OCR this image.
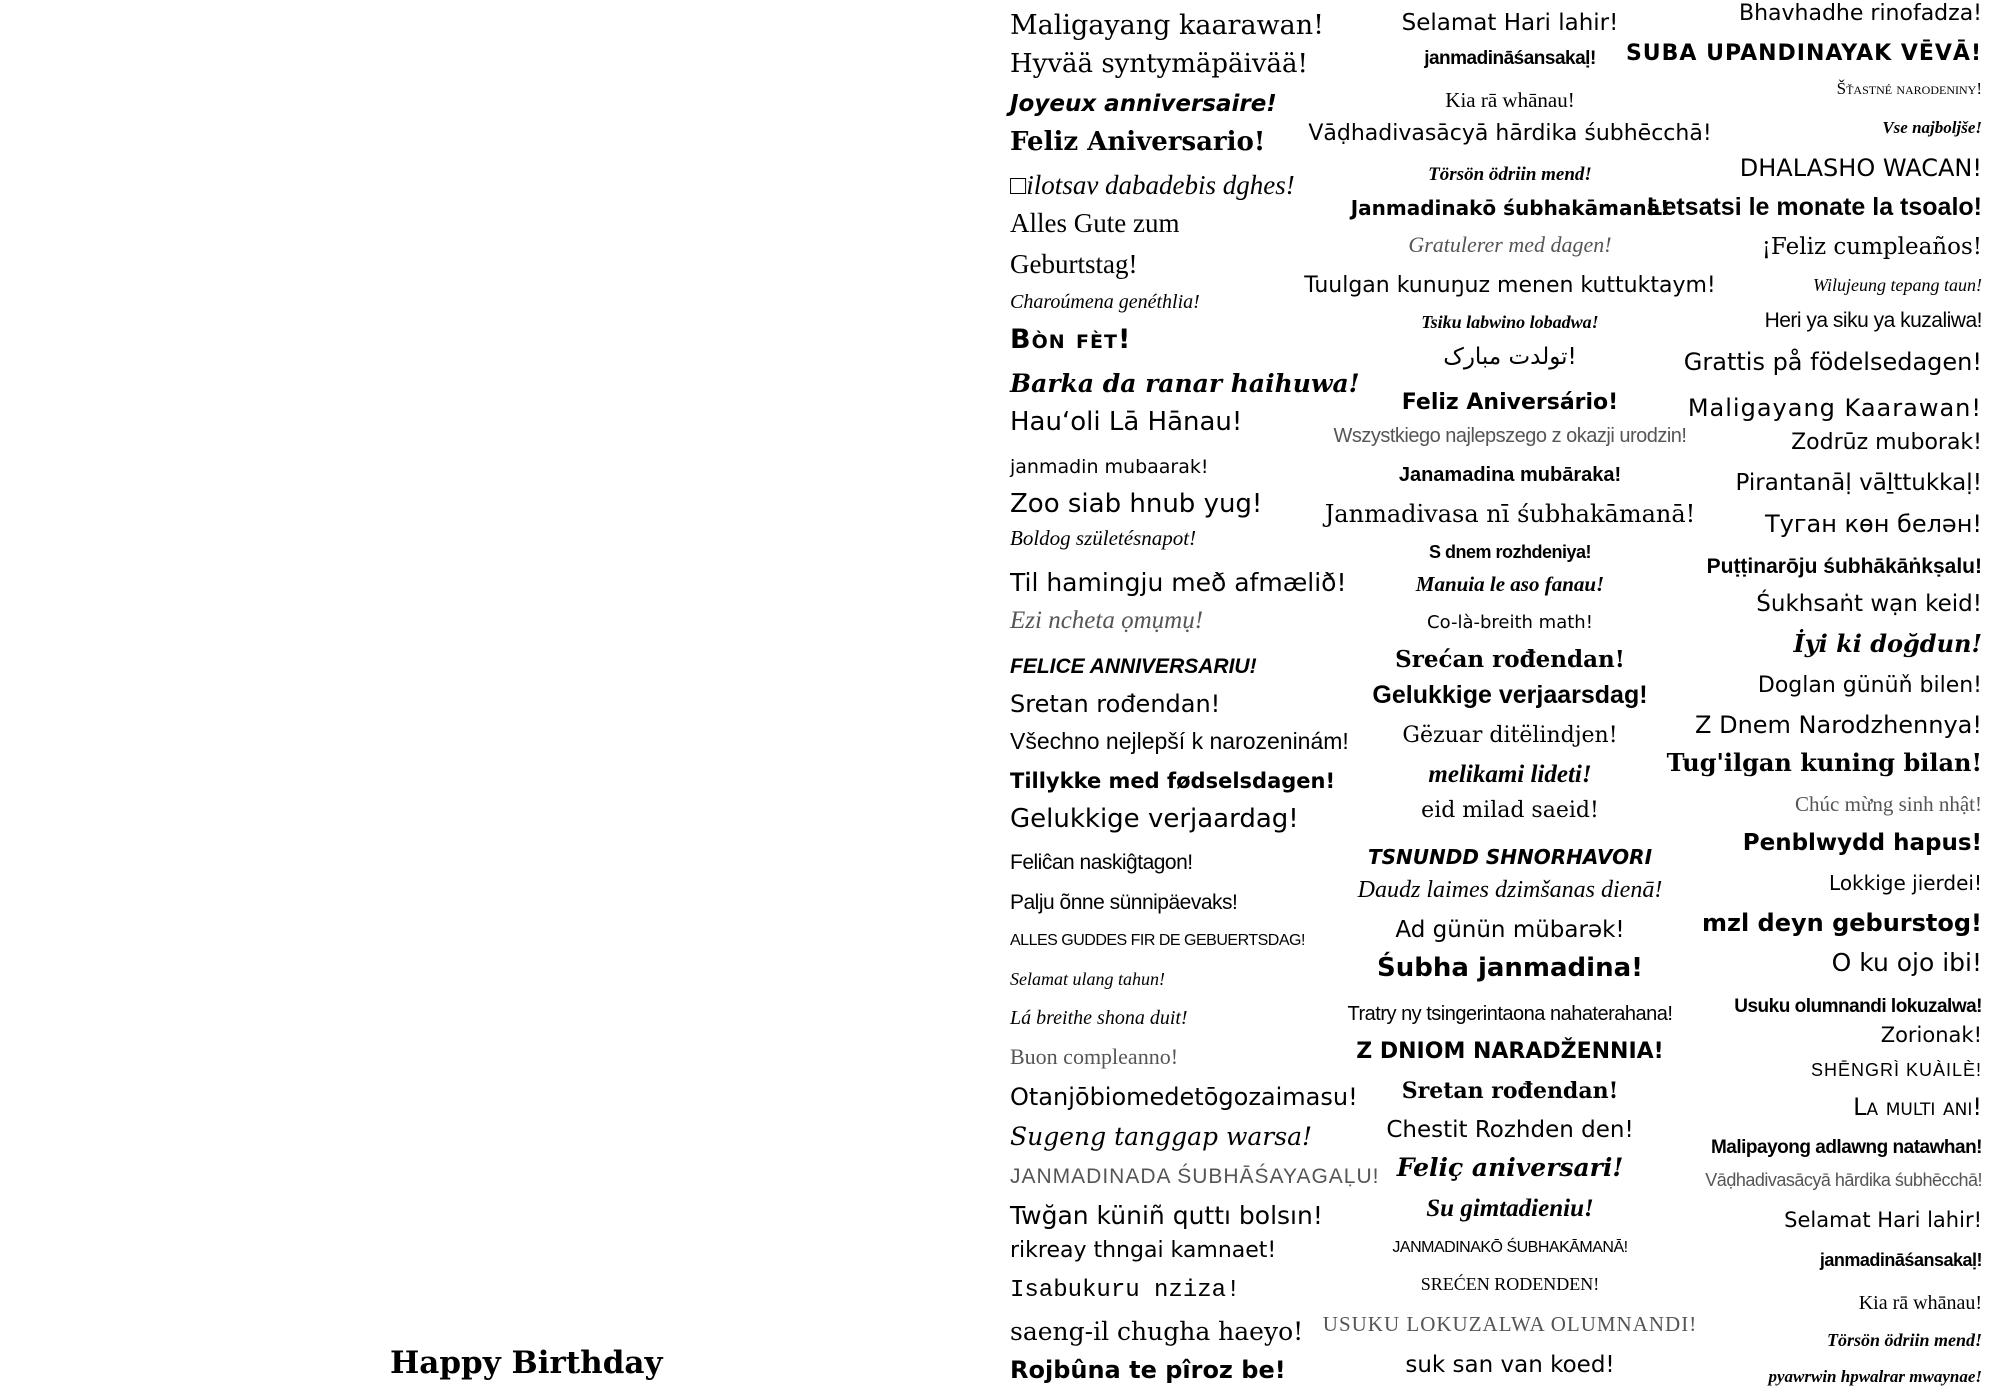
Happy Birthday
Maligayang kaarawan!
Hyvää syntymäpäivää!
Joyeux anniversaire!
Feliz Aniversario!
□ilotsav dabadebis dghes!
Alles Gute zum
Geburtstag!
Charoúmena genéthlia!
Bòn fèt!
Barka da ranar haihuwa!
Hau‘oli Lā Hānau!
janmadin mubaarak!
Zoo siab hnub yug!
Boldog születésnapot!
Til hamingju með afmælið!
Ezi ncheta ọmụmụ!
FELICE ANNIVERSARIU!
Sretan rođendan!
Všechno nejlepší k narozeninám!
Tillykke med fødselsdagen!
Gelukkige verjaardag!
Feliĉan naskiĝtagon!
Palju õnne sünnipäevaks!
ALLES GUDDES FIR DE GEBUERTSDAG!
Selamat ulang tahun!
Lá breithe shona duit!
Buon compleanno!
Otanjōbiomedetōgozaimasu!
Sugeng tanggap warsa!
JANMADINADA ŚUBHĀŚAYAGAḶU!
Twğan küniñ quttı bolsın!
rikreay thngai kamnaet!
Isabukuru nziza!
saeng-il chugha haeyo!
Rojbûna te pîroz be!
Selamat Hari lahir!
janmadināśansakaḷ!
Kia rā whānau!
Vāḍhadivasācyā hārdika śubhēcchā!
Törsön ödriin mend!
Janmadinakō śubhakāmanā!
Gratulerer med dagen!
Tuulgan kunuŋuz menen kuttuktaym!
Tsiku labwino lobadwa!
تولدت مبارک!
Feliz Aniversário!
Wszystkiego najlepszego z okazji urodzin!
Janamadina mubāraka!
Janmadivasa nī śubhakāmanā!
S dnem rozhdeniya!
Manuia le aso fanau!
Co-là-breith math!
Srećan rođendan!
Gelukkige verjaarsdag!
Gëzuar ditëlindjen!
melikami lideti!
eid milad saeid!
TSNUNDD SHNORHAVORI
Daudz laimes dzimšanas dienā!
Ad günün mübarək!
Śubha janmadina!
Tratry ny tsingerintaona nahaterahana!
Z DNIOM NARADŽENNIA!
Sretan rođendan!
Chestit Rozhden den!
Feliç aniversari!
Su gimtadieniu!
JANMADINAKŌ ŚUBHAKĀMANĀ!
SREĆEN RODENDEN!
USUKU LOKUZALWA OLUMNANDI!
suk san van koed!
Bhavhadhe rinofadza!
SUBA UPANDINAYAK VĒVĀ!
Šťastné narodeniny!
Vse najboljše!
DHALASHO WACAN!
Letsatsi le monate la tsoalo!
¡Feliz cumpleaños!
Wilujeung tepang taun!
Heri ya siku ya kuzaliwa!
Grattis på födelsedagen!
Maligayang Kaarawan!
Zodrūz muborak!
Pirantanāḷ vāḻttukkaḷ!
Туган көн белән!
Puṭṭinarōju śubhākāṅkṣalu!
Śukhsaṅt wạn keid!
İyi ki doğdun!
Doglan günüň bilen!
Z Dnem Narodzhennya!
Tug'ilgan kuning bilan!
Chúc mừng sinh nhật!
Penblwydd hapus!
Lokkige jierdei!
mzl deyn geburstog!
O ku ojo ibi!
Usuku olumnandi lokuzalwa!
Zorionak!
SHĒNGRÌ KUÀILÈ!
La multi ani!
Malipayong adlawng natawhan!
Vāḍhadivasācyā hārdika śubhēcchā!
Selamat Hari lahir!
janmadināśansakaḷ!
Kia rā whānau!
Törsön ödriin mend!
pyawrwin hpwalrar mwaynae!
